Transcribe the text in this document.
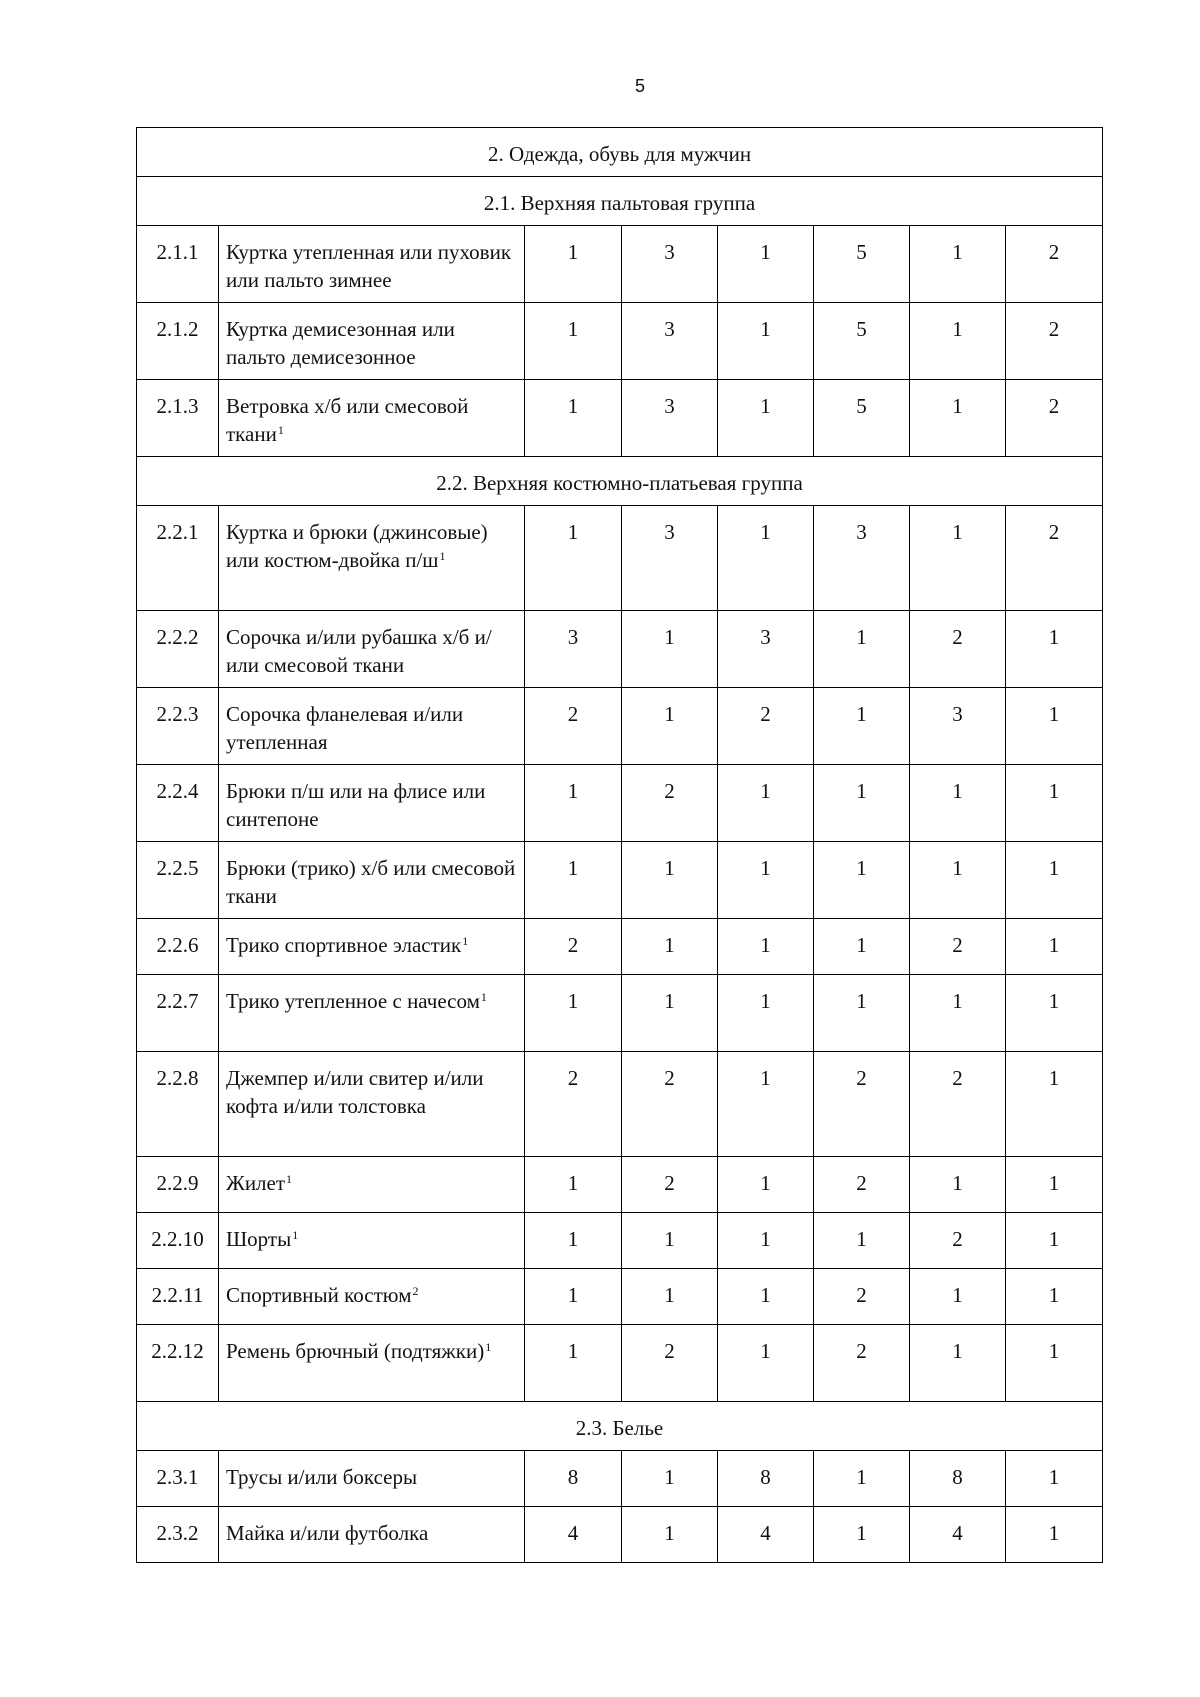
5
2. Одежда, обувь для мужчин							
2.1. Верхняя пальтовая группа							
2.1.1	Куртка утепленная или пуховик или пальто зимнее	1	3	1	5	1	2
2.1.2	Куртка демисезонная или пальто демисезонное	1	3	1	5	1	2
2.1.3	Ветровка х/б или смесовой ткани$^1$	1	3	1	5	1	2
2.2. Верхняя костюмно-платьевая группа							
2.2.1	Куртка и брюки (джинсовые) или костюм-двойка $п/ш^1$	1	3	1	3	1	2
2.2.2	Сорочка и/или рубашка х/б и/или смесовой ткани	3	1	3	1	2	1
2.2.3	Сорочка фланелевая и/или утепленная	2	1	2	1	3	1
2.2.4	Брюки п/ш или на флисе или синтепоне	1	2	1	1	1	1
2.2.5	Брюки (трико) х/б или смесовой ткани	1	1	1	1	1	1
2.2.6	Трико спортивное эластик$^1$	2	1	1	1	2	1
2.2.7	Трико утепленное с начесом$^1$	1	1	1	1	1	1
2.2.8	Джемпер и/или свитер и/или кофта и/или толстовка	2	2	1	2	2	1
2.2.9	Жилет$^1$	1	2	1	2	1	1
2.2.10	Шорты$^1$	1	1	1	1	2	1
2.2.11	Спортивный костюм$^2$	1	1	1	2	1	1
2.2.12	Ремень брючный (подтяжки)$^1$	1	2	1	2	1	1
2.3. Белье							
2.3.1	Трусы и/или боксеры	8	1	8	1	8	1
2.3.2	Майка и/или футболка	4	1	4	1	4	1
